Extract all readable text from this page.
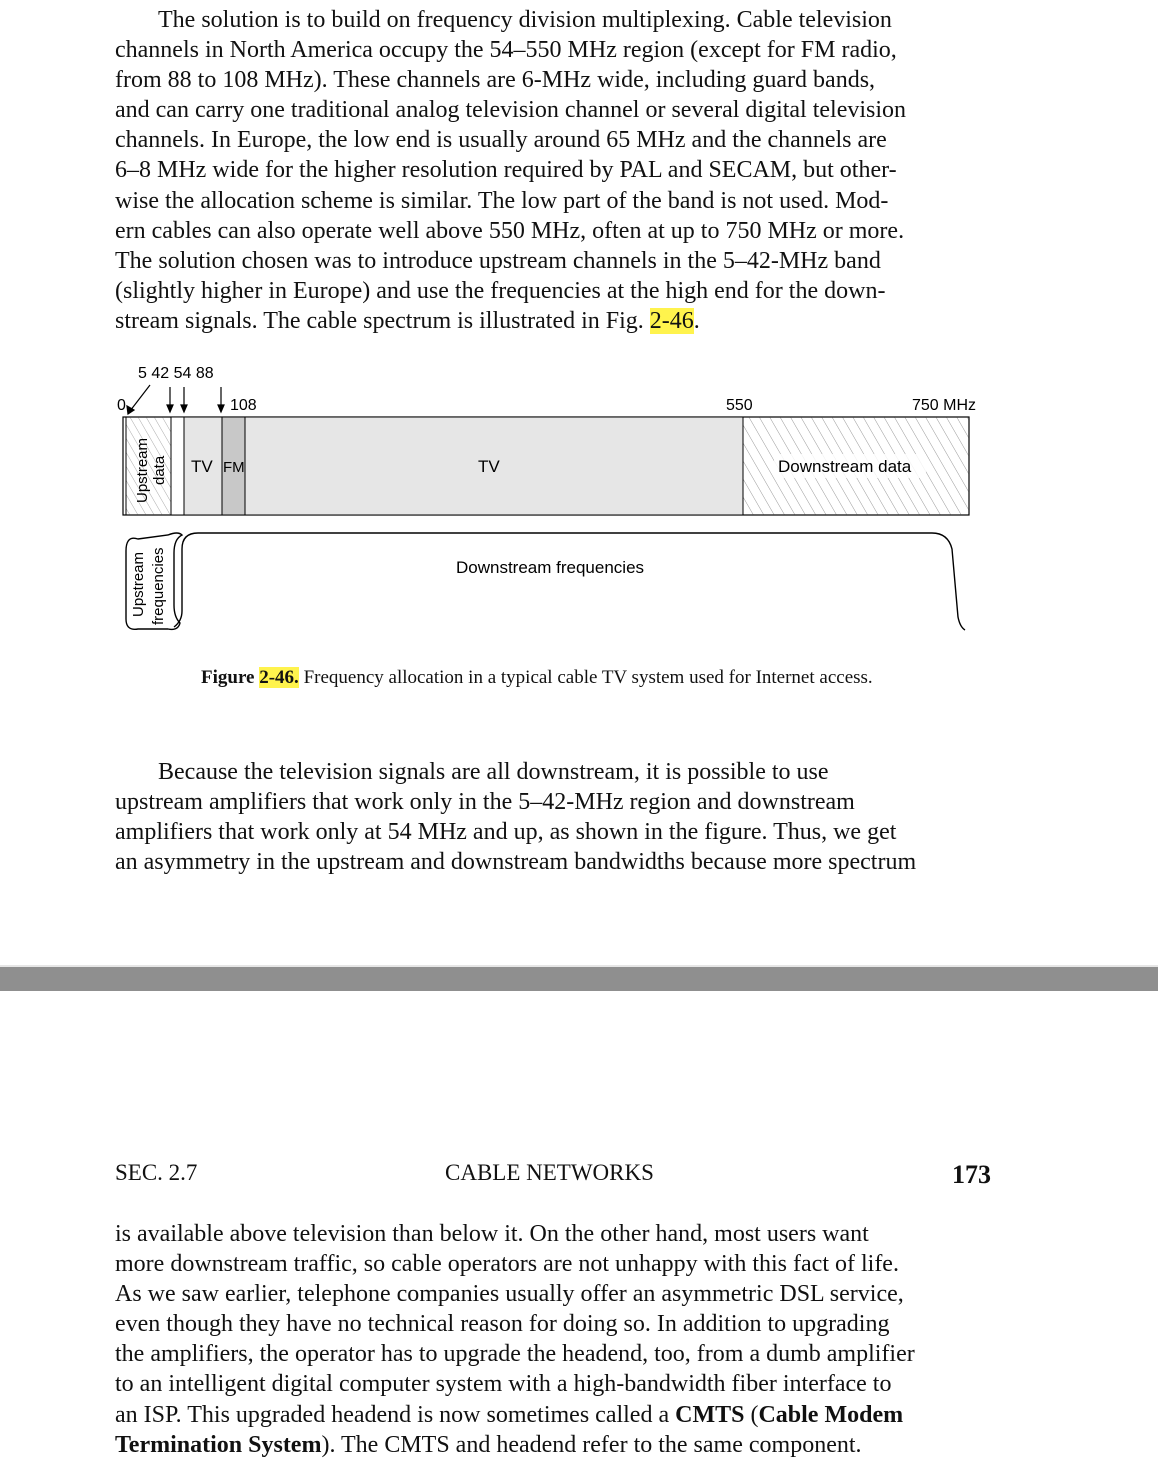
The solution is to build on frequency division multiplexing. Cable television
channels in North America occupy the 54–550 MHz region (except for FM radio,
from 88 to 108 MHz). These channels are 6-MHz wide, including guard bands,
and can carry one traditional analog television channel or several digital television
channels. In Europe, the low end is usually around 65 MHz and the channels are
6–8 MHz wide for the higher resolution required by PAL and SECAM, but other-
wise the allocation scheme is similar. The low part of the band is not used. Mod-
ern cables can also operate well above 550 MHz, often at up to 750 MHz or more.
The solution chosen was to introduce upstream channels in the 5–42-MHz band
(slightly higher in Europe) and use the frequencies at the high end for the down-
stream signals. The cable spectrum is illustrated in Fig. 2-46.
0
5 42 54 88
108	550	750 MHz
Upstream data TV FM	TV	Downstream data
Upstream frequencies	Downstream frequencies

Figure 2-46. Frequency allocation in a typical cable TV system used for Internet access.

Because the television signals are all downstream, it is possible to use
upstream amplifiers that work only in the 5–42-MHz region and downstream
amplifiers that work only at 54 MHz and up, as shown in the figure. Thus, we get
an asymmetry in the upstream and downstream bandwidths because more spectrum
SEC. 2.7	CABLE NETWORKS	173
is available above television than below it. On the other hand, most users want
more downstream traffic, so cable operators are not unhappy with this fact of life.
As we saw earlier, telephone companies usually offer an asymmetric DSL service,
even though they have no technical reason for doing so. In addition to upgrading
the amplifiers, the operator has to upgrade the headend, too, from a dumb amplifier
to an intelligent digital computer system with a high-bandwidth fiber interface to
an ISP. This upgraded headend is now sometimes called a CMTS (Cable Modem
Termination System). The CMTS and headend refer to the same component.
